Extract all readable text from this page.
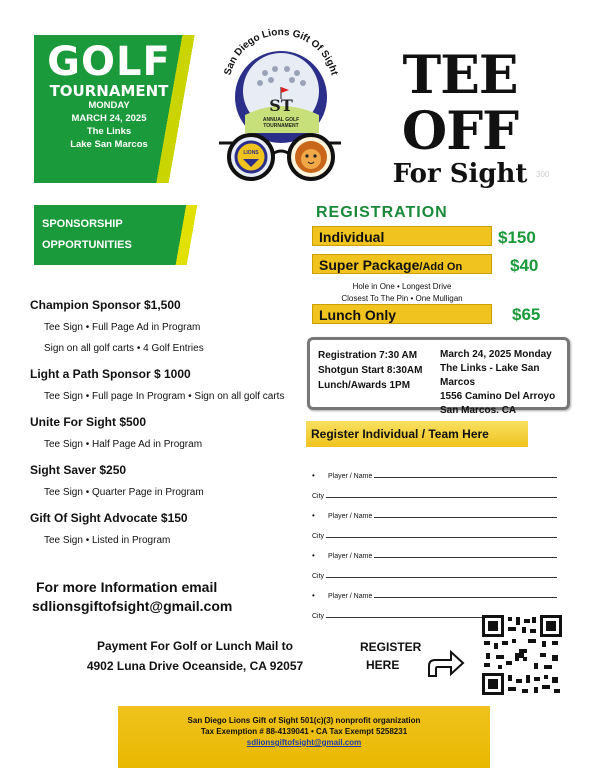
GOLF
TOURNAMENT
MONDAY
MARCH 24, 2025
The Links
Lake San Marcos
San Diego Lions Gift Of Sight
ST
ANNUAL GOLF
TOURNAMENT
LIONS
TEE OFF
For Sight	300
SPONSORSHIP
OPPORTUNITIES
Champion Sponsor $1,500
Tee Sign • Full Page Ad in Program
Sign on all golf carts • 4 Golf Entries
Light a Path Sponsor $ 1000
Tee Sign • Full page In Program • Sign on all golf carts
Unite For Sight $500
Tee Sign • Half Page Ad in Program
Sight Saver $250
Tee Sign • Quarter Page in Program
Gift Of Sight Advocate $150
Tee Sign • Listed in Program
For more Information email
sdlionsgiftofsight@gmail.com
Payment For Golf or Lunch Mail to
4902 Luna Drive Oceanside, CA 92057
REGISTRATION
Individual	$150
Super Package/Add On	$40
Hole in One • Longest Drive
Closest To The Pin • One Mulligan
Lunch Only	$65
Registration 7:30 AM
Shotgun Start 8:30AM
Lunch/Awards 1PM
March 24, 2025 Monday
The Links - Lake San Marcos
1556 Camino Del Arroyo
San Marcos. CA
Register Individual / Team Here
•	Player / Name
City
•	Player / Name
City
•	Player / Name
City
•	Player / Name
City
REGISTER
HERE
San Diego Lions Gift of Sight 501(c)(3) nonprofit organization
Tax Exemption # 88-4139041 • CA Tax Exempt 5258231
sdlionsgiftofsight@gmail.com
